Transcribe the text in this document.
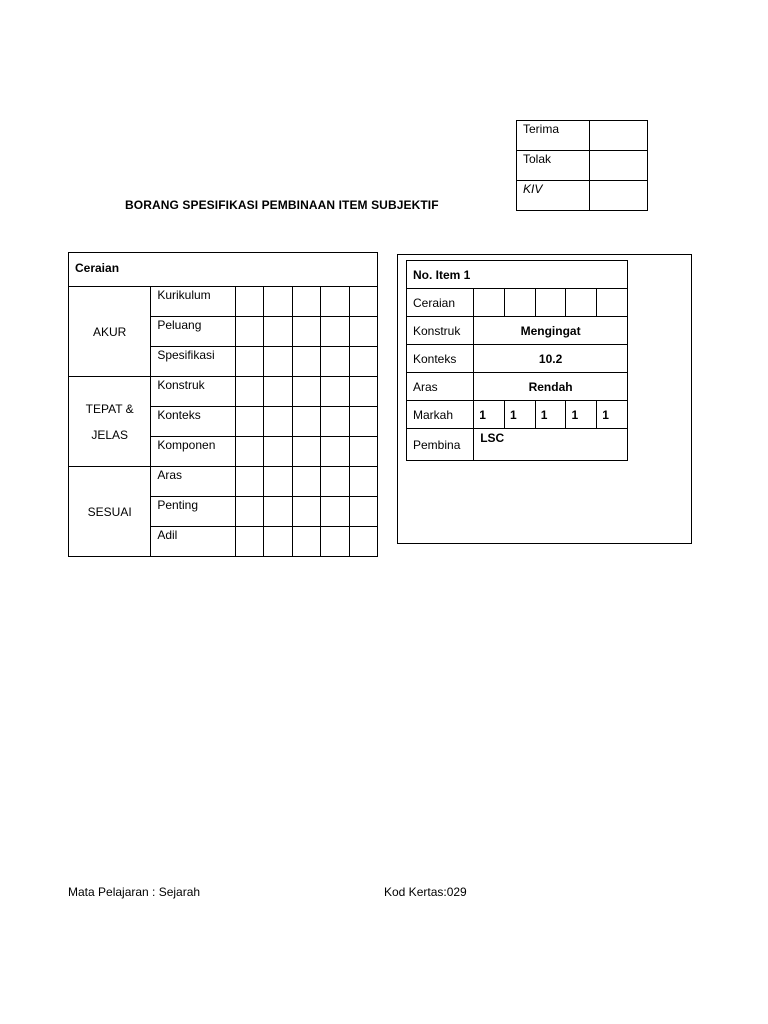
Terima	
Tolak	
KIV	
BORANG SPESIFIKASI PEMBINAAN ITEM SUBJEKTIF
Ceraian						
AKUR	Kurikulum					
	Peluang					
	Spesifikasi					

TEPAT &
JELAS	Konstruk					
	Konteks					
	Komponen					
SESUAI	Aras					
	Penting					
	Adil					
No. Item 1					
Ceraian					
Konstruk	Mengingat				
Konteks	10.2				
Aras	Rendah				
Markah	1	1	1	1	1
Pembina	LSC				
Mata Pelajaran : Sejarah	Kod Kertas:029
